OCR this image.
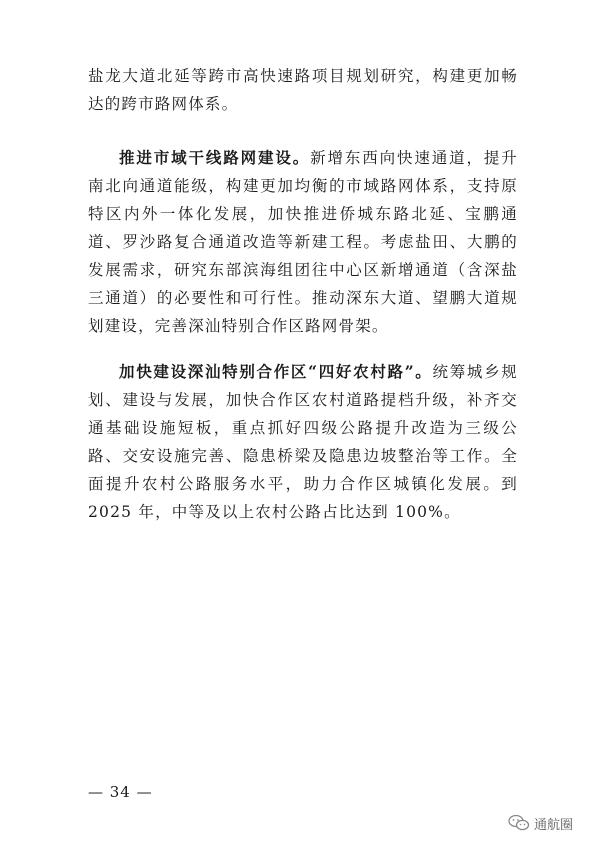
盐龙大道北延等跨市高快速路项目规划研究，构建更加畅达的跨市路网体系。

推进市域干线路网建设。新增东西向快速通道，提升南北向通道能级，构建更加均衡的市域路网体系，支持原特区内外一体化发展，加快推进侨城东路北延、宝鹏通道、罗沙路复合通道改造等新建工程。考虑盐田、大鹏的发展需求，研究东部滨海组团往中心区新增通道（含深盐三通道）的必要性和可行性。推动深东大道、望鹏大道规划建设，完善深汕特别合作区路网骨架。

加快建设深汕特别合作区“四好农村路”。统筹城乡规划、建设与发展，加快合作区农村道路提档升级，补齐交通基础设施短板，重点抓好四级公路提升改造为三级公路、交安设施完善、隐患桥梁及隐患边坡整治等工作。全面提升农村公路服务水平，助力合作区城镇化发展。到 2025 年，中等及以上农村公路占比达到 100%。

— 34 —
通航圈
